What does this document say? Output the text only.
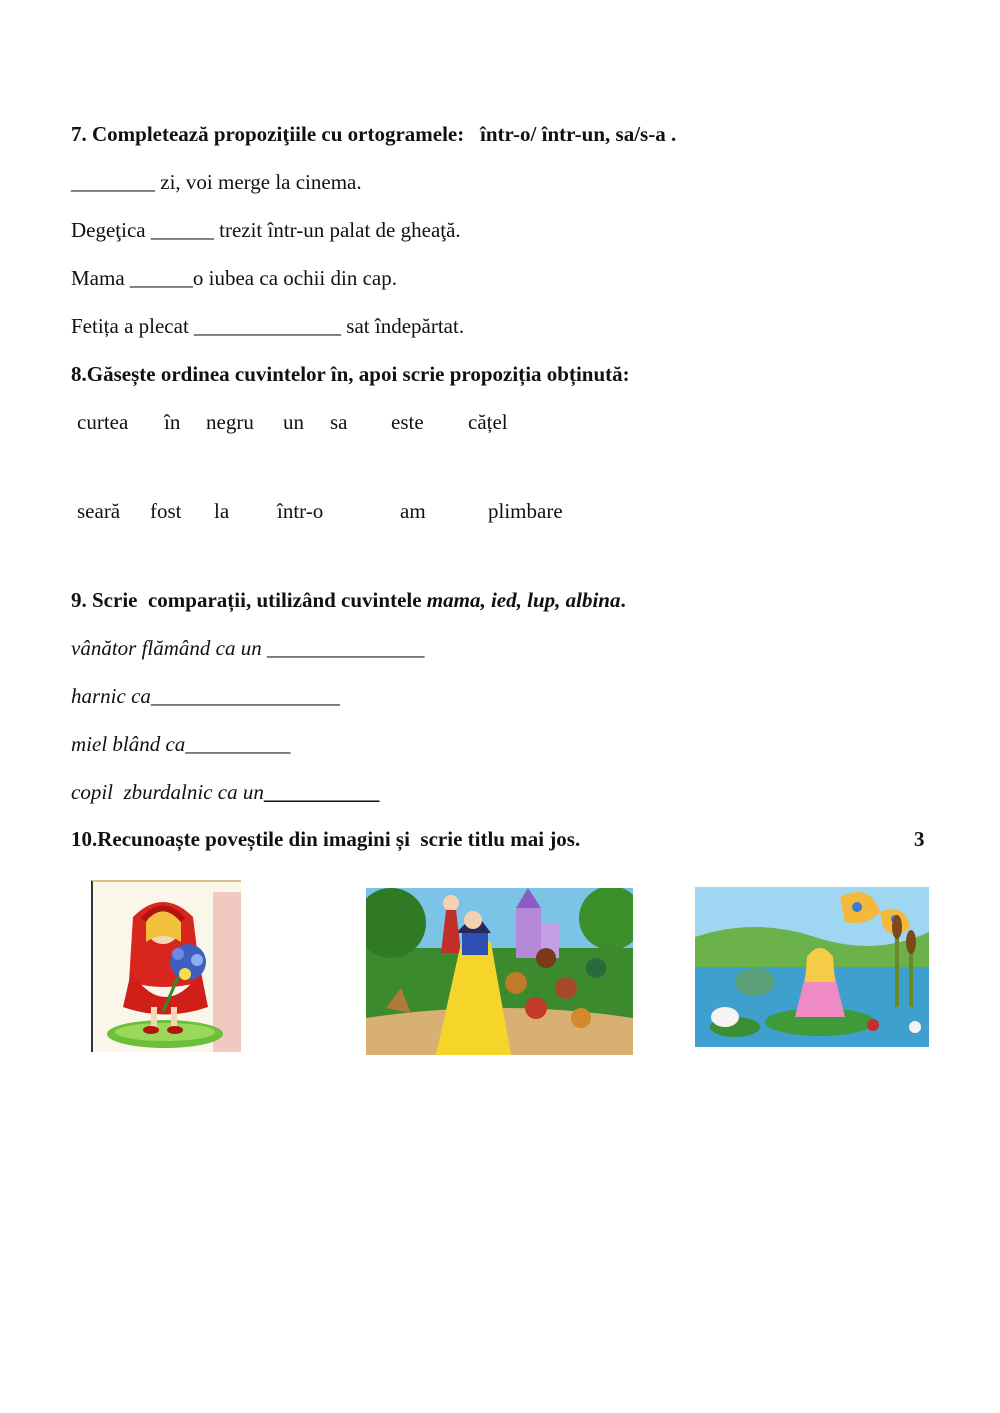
7. Completează propoziţiile cu ortogramele:   într-o/ într-un, sa/s-a .
________ zi, voi merge la cinema.
Degeţica ______ trezit într-un palat de gheaţă.
Mama ______o iubea ca ochii din cap.
Fetița a plecat ______________ sat îndepărtat.
8.Găsește ordinea cuvintelor în, apoi scrie propoziția obținută:
curtea în negru un sa este cățel
seară fost la într-o	am	plimbare
9. Scrie  comparații, utilizând cuvintele mama, ied, lup, albina.
vânător flămând ca un _______________
harnic ca__________________
miel blând ca__________
copil  zburdalnic ca un___________
10.Recunoaște poveștile din imagini și  scrie titlu mai jos.	3
